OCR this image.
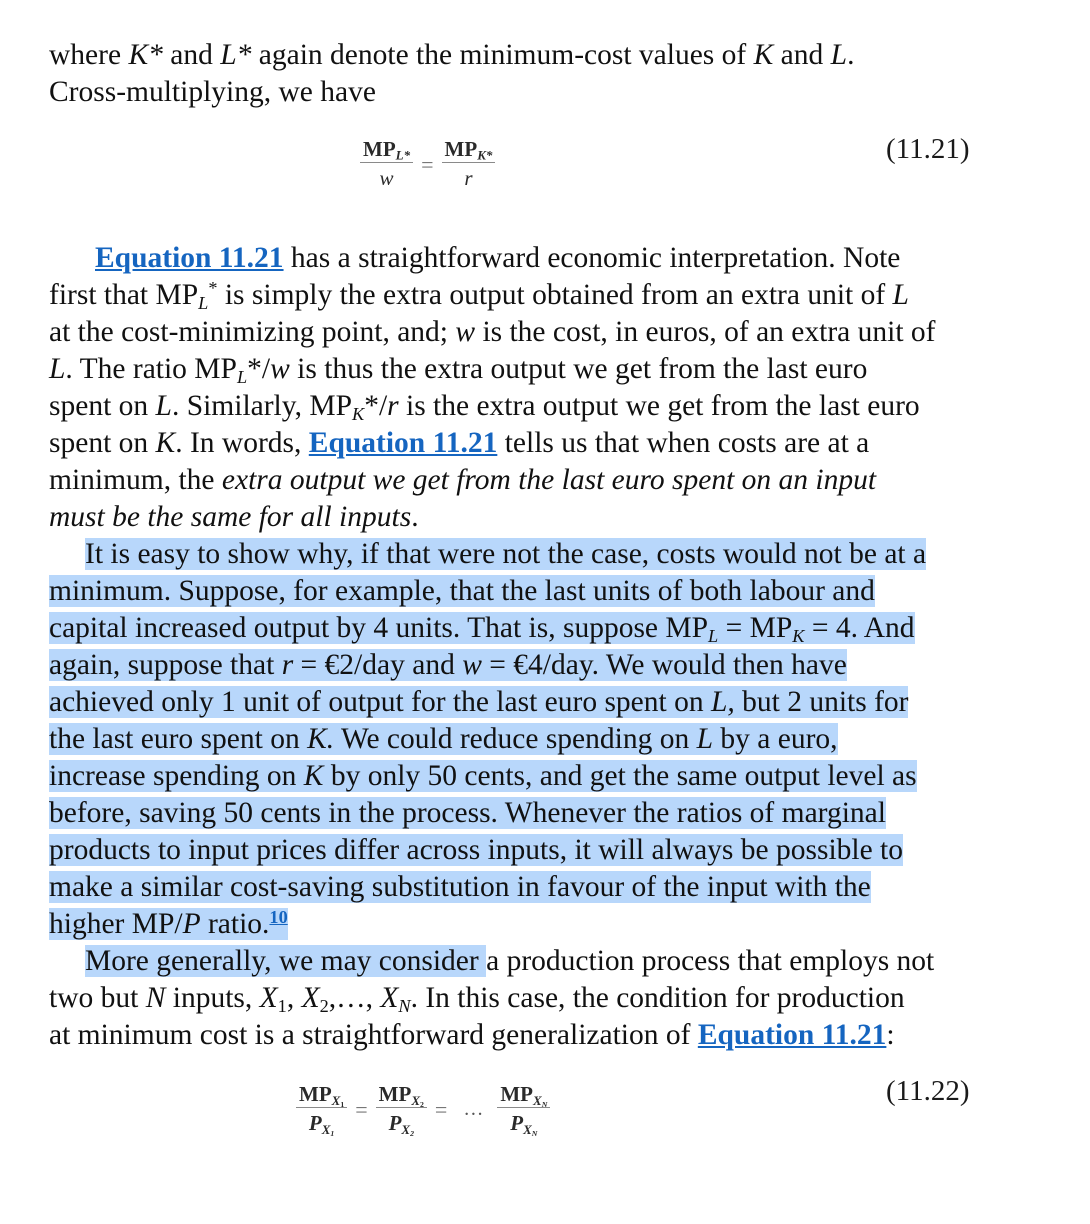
where K* and L* again denote the minimum-cost values of K and L.
Cross-multiplying, we have
$\frac{MP_{L*}}{w} = \frac{MP_{K*}}{r}$	(11.21)
Equation 11.21 has a straightforward economic interpretation. Note
first that $MP_L^*$ is simply the extra output obtained from an extra unit of L
at the cost-minimizing point, and; w is the cost, in euros, of an extra unit of
L. The ratio $MP_L*/w$ is thus the extra output we get from the last euro
spent on L. Similarly, $MP_K*/r$ is the extra output we get from the last euro
spent on K. In words, Equation 11.21 tells us that when costs are at a
minimum, the extra output we get from the last euro spent on an input
must be the same for all inputs.
It is easy to show why, if that were not the case, costs would not be at a
minimum. Suppose, for example, that the last units of both labour and
capital increased output by 4 units. That is, suppose $MP_L = MP_K = 4$. And
again, suppose that r = €2/day and w = €4/day. We would then have
achieved only 1 unit of output for the last euro spent on L, but 2 units for
the last euro spent on K. We could reduce spending on L by a euro,
increase spending on K by only 50 cents, and get the same output level as
before, saving 50 cents in the process. Whenever the ratios of marginal
products to input prices differ across inputs, it will always be possible to
make a similar cost-saving substitution in favour of the input with the
higher MP/P ratio.$^{10}$
More generally, we may consider a production process that employs not
two but N inputs, $X_1$, $X_2,\dots$, $X_N$. In this case, the condition for production
at minimum cost is a straightforward generalization of Equation 11.21:
$\frac{MP_{X_1}}{P_{X_1}} = \frac{MP_{X_2}}{P_{X_2}}$ = … $\frac{MP_{X_N}}{P_{X_N}}$	(11.22)
